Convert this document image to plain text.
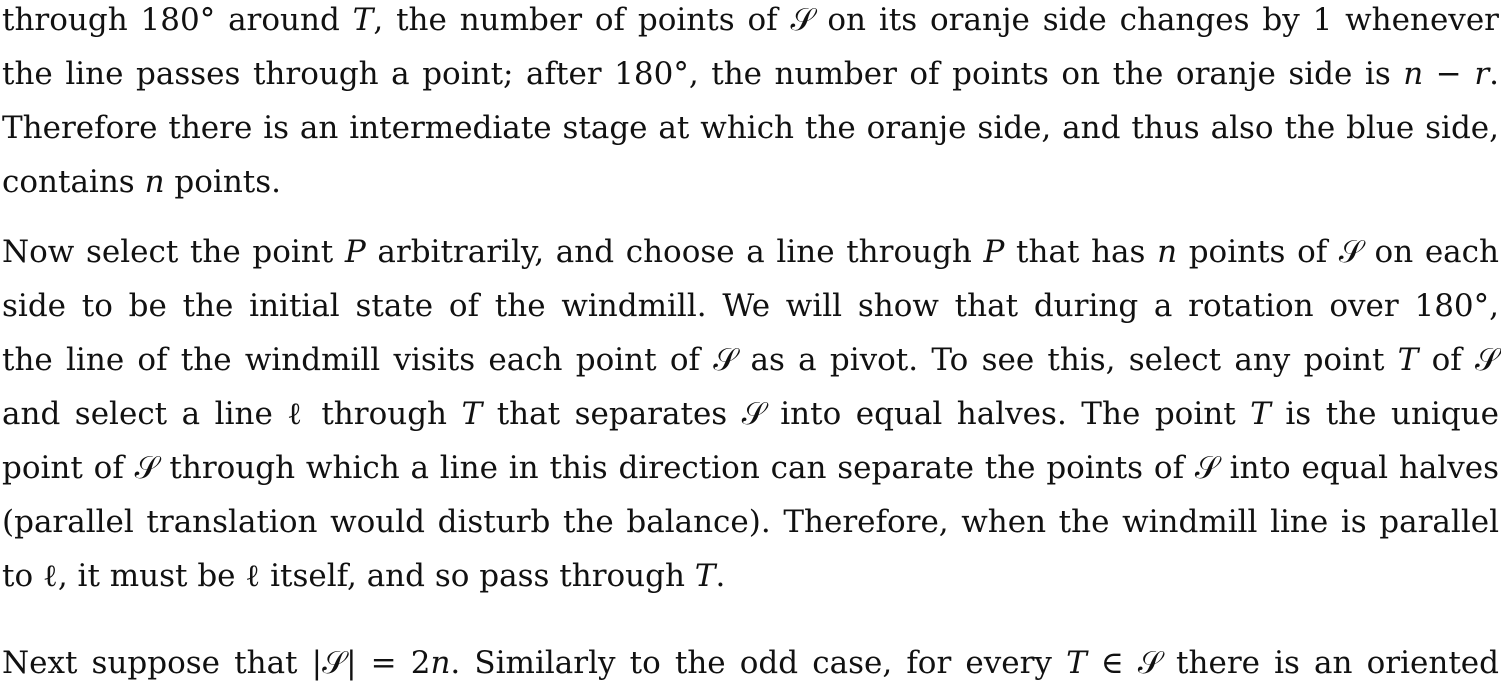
through 180° around 𝑇, the number of points of 𝒮 on its oranje side changes by 1 whenever
the line passes through a point; after 180°, the number of points on the oranje side is 𝑛 − 𝑟.
Therefore there is an intermediate stage at which the oranje side, and thus also the blue side,
contains 𝑛 points.
Now select the point 𝑃 arbitrarily, and choose a line through 𝑃 that has 𝑛 points of 𝒮 on each
side to be the initial state of the windmill. We will show that during a rotation over 180°,
the line of the windmill visits each point of 𝒮 as a pivot. To see this, select any point 𝑇 of 𝒮
and select a line ℓ through 𝑇 that separates 𝒮 into equal halves. The point 𝑇 is the unique
point of 𝒮 through which a line in this direction can separate the points of 𝒮 into equal halves
(parallel translation would disturb the balance). Therefore, when the windmill line is parallel
to ℓ, it must be ℓ itself, and so pass through 𝑇.
Next suppose that |𝒮| = 2𝑛. Similarly to the odd case, for every 𝑇 ∈ 𝒮 there is an oriented
